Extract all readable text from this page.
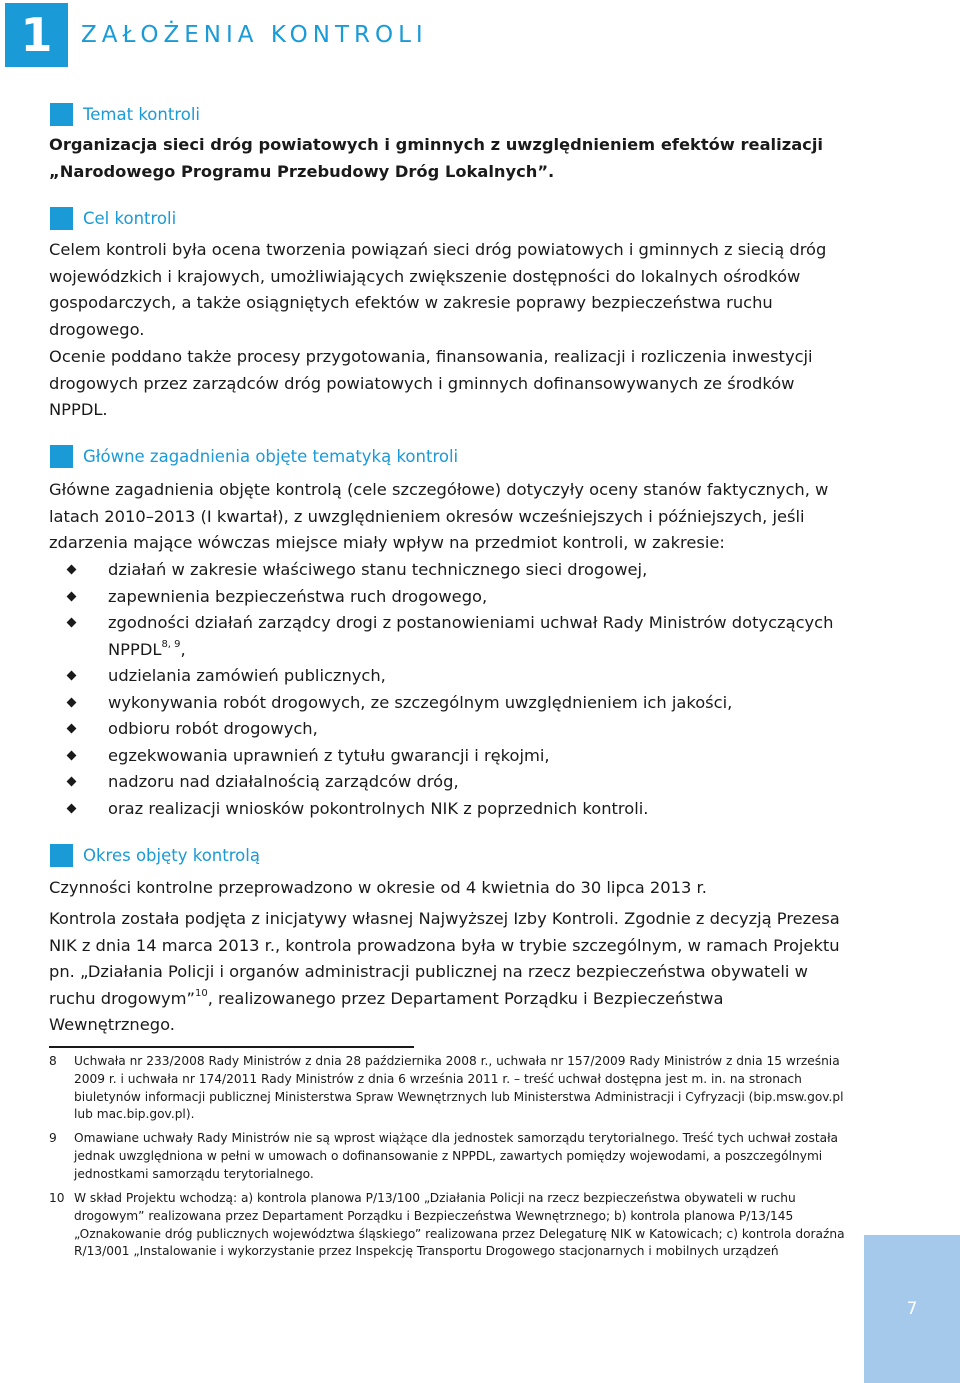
1	ZAŁOŻENIA KONTROLI
Temat kontroli
Organizacja sieci dróg powiatowych i gminnych z uwzględnieniem efektów realizacji „Narodowego Programu Przebudowy Dróg Lokalnych”.
Cel kontroli
Celem kontroli była ocena tworzenia powiązań sieci dróg powiatowych i gminnych z siecią dróg wojewódzkich i krajowych, umożliwiających zwiększenie dostępności do lokalnych ośrodków gospodarczych, a także osiągniętych efektów w zakresie poprawy bezpieczeństwa ruchu drogowego.
Ocenie poddano także procesy przygotowania, finansowania, realizacji i rozliczenia inwestycji drogowych przez zarządców dróg powiatowych i gminnych dofinansowywanych ze środków NPPDL.
Główne zagadnienia objęte tematyką kontroli
Główne zagadnienia objęte kontrolą (cele szczegółowe) dotyczyły oceny stanów faktycznych, w latach 2010–2013 (I kwartał), z uwzględnieniem okresów wcześniejszych i późniejszych, jeśli zdarzenia mające wówczas miejsce miały wpływ na przedmiot kontroli, w zakresie:
działań w zakresie właściwego stanu technicznego sieci drogowej,
zapewnienia bezpieczeństwa ruch drogowego,
zgodności działań zarządcy drogi z postanowieniami uchwał Rady Ministrów dotyczących NPPDL$^{8, 9}$,
udzielania zamówień publicznych,
wykonywania robót drogowych, ze szczególnym uwzględnieniem ich jakości,
odbioru robót drogowych,
egzekwowania uprawnień z tytułu gwarancji i rękojmi,
nadzoru nad działalnością zarządców dróg,
oraz realizacji wniosków pokontrolnych NIK z poprzednich kontroli.
Okres objęty kontrolą
Czynności kontrolne przeprowadzono w okresie od 4 kwietnia do 30 lipca 2013 r.
Kontrola została podjęta z inicjatywy własnej Najwyższej Izby Kontroli. Zgodnie z decyzją Prezesa NIK z dnia 14 marca 2013 r., kontrola prowadzona była w trybie szczególnym, w ramach Projektu pn. „Działania Policji i organów administracji publicznej na rzecz bezpieczeństwa obywateli w ruchu drogowym”$^{10}$, realizowanego przez Departament Porządku i Bezpieczeństwa Wewnętrznego.
8 Uchwała nr 233/2008 Rady Ministrów z dnia 28 października 2008 r., uchwała nr 157/2009 Rady Ministrów z dnia 15 września 2009 r. i uchwała nr 174/2011 Rady Ministrów z dnia 6 września 2011 r. – treść uchwał dostępna jest m. in. na stronach biuletynów informacji publicznej Ministerstwa Spraw Wewnętrznych lub Ministerstwa Administracji i Cyfryzacji (bip.msw.gov.pl lub mac.bip.gov.pl).
9 Omawiane uchwały Rady Ministrów nie są wprost wiążące dla jednostek samorządu terytorialnego. Treść tych uchwał została jednak uwzględniona w pełni w umowach o dofinansowanie z NPPDL, zawartych pomiędzy wojewodami, a poszczególnymi jednostkami samorządu terytorialnego.
10 W skład Projektu wchodzą: a) kontrola planowa P/13/100 „Działania Policji na rzecz bezpieczeństwa obywateli w ruchu drogowym” realizowana przez Departament Porządku i Bezpieczeństwa Wewnętrznego; b) kontrola planowa P/13/145 „Oznakowanie dróg publicznych województwa śląskiego” realizowana przez Delegaturę NIK w Katowicach; c) kontrola doraźna R/13/001 „Instalowanie i wykorzystanie przez Inspekcję Transportu Drogowego stacjonarnych i mobilnych urządzeń
7
